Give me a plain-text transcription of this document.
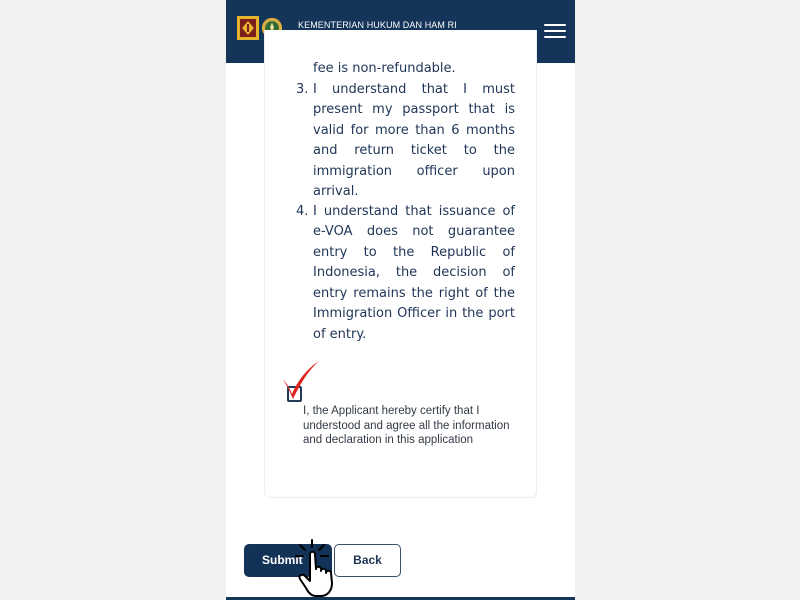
KEMENTERIAN HUKUM DAN HAM RI
fee is non-refundable.
3. I understand that I must
present my passport that is
valid for more than 6 months
and return ticket to the
immigration officer upon
arrival.
4. I understand that issuance of
e-VOA does not guarantee
entry to the Republic of
Indonesia, the decision of
entry remains the right of the
Immigration Officer in the port
of entry.
I, the Applicant hereby certify that I understood and agree all the information and declaration in this application
Submit	Back
